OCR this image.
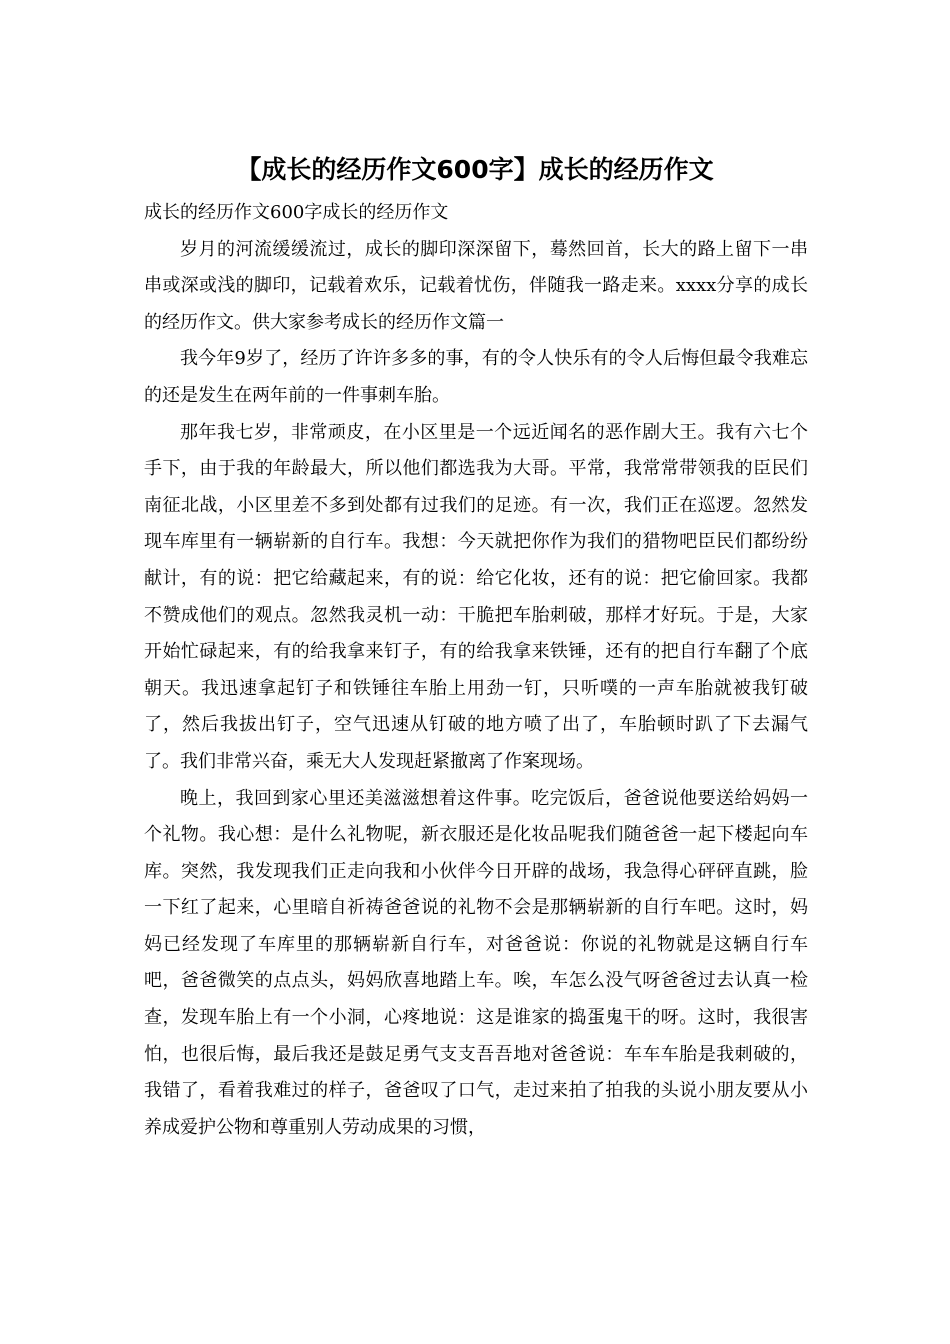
【成长的经历作文600字】成长的经历作文

成长的经历作文600字成长的经历作文

岁月的河流缓缓流过，成长的脚印深深留下，蓦然回首，长大的路上留下一串串或深或浅的脚印，记载着欢乐，记载着忧伤，伴随我一路走来。xxxx分享的成长的经历作文。供大家参考成长的经历作文篇一

我今年9岁了，经历了许许多多的事，有的令人快乐有的令人后悔但最令我难忘的还是发生在两年前的一件事刺车胎。

那年我七岁，非常顽皮，在小区里是一个远近闻名的恶作剧大王。我有六七个手下，由于我的年龄最大，所以他们都选我为大哥。平常，我常常带领我的臣民们南征北战，小区里差不多到处都有过我们的足迹。有一次，我们正在巡逻。忽然发现车库里有一辆崭新的自行车。我想：今天就把你作为我们的猎物吧臣民们都纷纷献计，有的说：把它给藏起来，有的说：给它化妆，还有的说：把它偷回家。我都不赞成他们的观点。忽然我灵机一动：干脆把车胎刺破，那样才好玩。于是，大家开始忙碌起来，有的给我拿来钉子，有的给我拿来铁锤，还有的把自行车翻了个底朝天。我迅速拿起钉子和铁锤往车胎上用劲一钉，只听噗的一声车胎就被我钉破了，然后我拔出钉子，空气迅速从钉破的地方喷了出了，车胎顿时趴了下去漏气了。我们非常兴奋，乘无大人发现赶紧撤离了作案现场。

晚上，我回到家心里还美滋滋想着这件事。吃完饭后，爸爸说他要送给妈妈一个礼物。我心想：是什么礼物呢，新衣服还是化妆品呢我们随爸爸一起下楼起向车库。突然，我发现我们正走向我和小伙伴今日开辟的战场，我急得心砰砰直跳，脸一下红了起来，心里暗自祈祷爸爸说的礼物不会是那辆崭新的自行车吧。这时，妈妈已经发现了车库里的那辆崭新自行车，对爸爸说：你说的礼物就是这辆自行车吧，爸爸微笑的点点头，妈妈欣喜地踏上车。唉，车怎么没气呀爸爸过去认真一检查，发现车胎上有一个小洞，心疼地说：这是谁家的捣蛋鬼干的呀。这时，我很害怕，也很后悔，最后我还是鼓足勇气支支吾吾地对爸爸说：车车车胎是我刺破的，我错了，看着我难过的样子，爸爸叹了口气，走过来拍了拍我的头说小朋友要从小养成爱护公物和尊重别人劳动成果的习惯，
